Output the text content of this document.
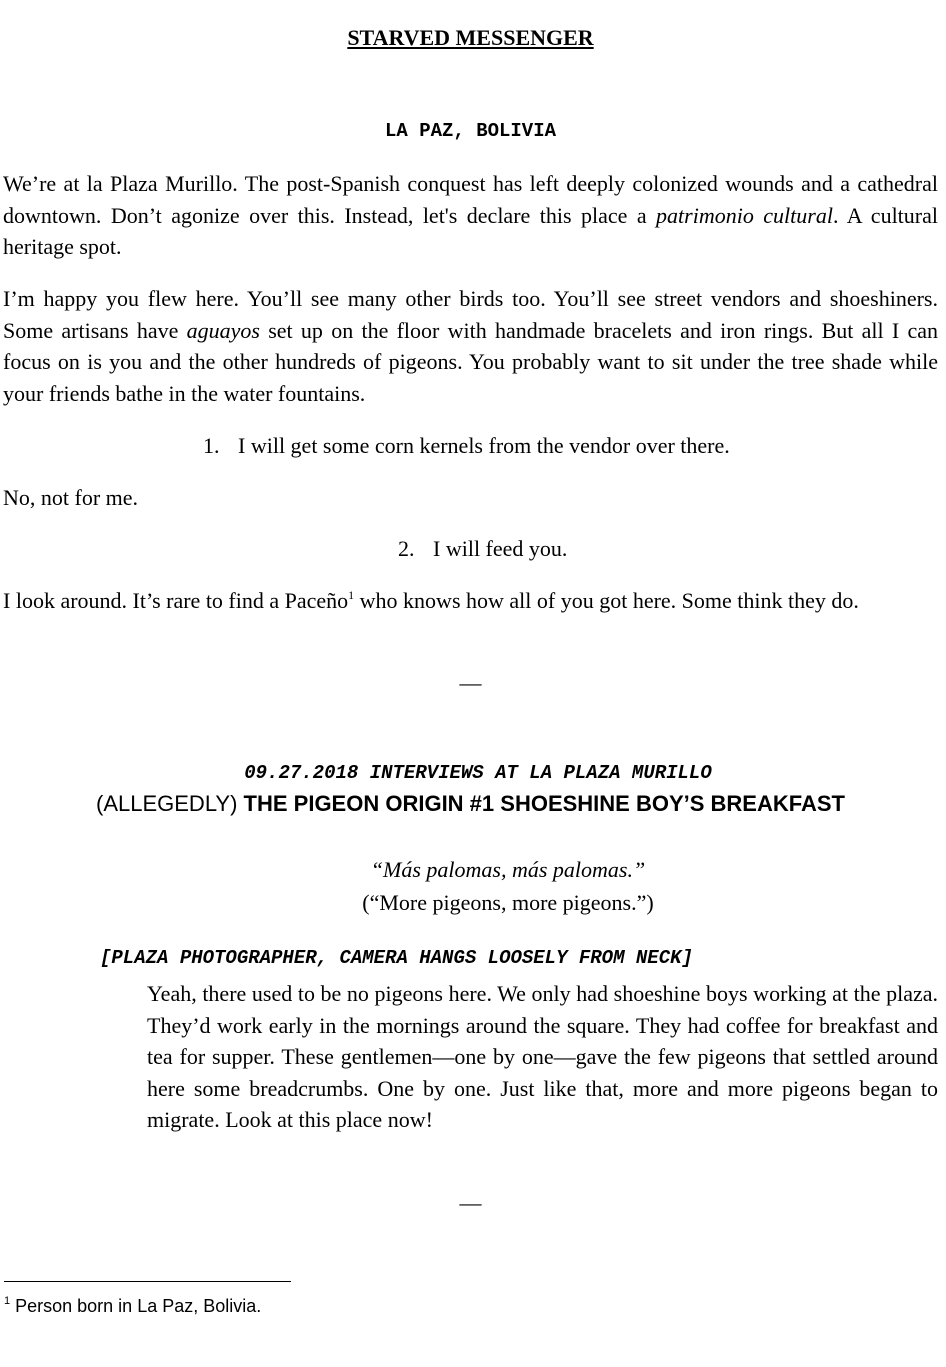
STARVED MESSENGER
LA PAZ, BOLIVIA
We’re at la Plaza Murillo. The post-Spanish conquest has left deeply colonized wounds and a cathedral downtown. Don’t agonize over this. Instead, let's declare this place a patrimonio cultural. A cultural heritage spot.
I’m happy you flew here. You’ll see many other birds too. You’ll see street vendors and shoeshiners. Some artisans have aguayos set up on the floor with handmade bracelets and iron rings. But all I can focus on is you and the other hundreds of pigeons. You probably want to sit under the tree shade while your friends bathe in the water fountains.
1. I will get some corn kernels from the vendor over there.
No, not for me.
2. I will feed you.
I look around. It’s rare to find a Paceño$^1$ who knows how all of you got here. Some think they do.
—
09.27.2018 INTERVIEWS AT LA PLAZA MURILLO
(ALLEGEDLY) THE PIGEON ORIGIN #1 SHOESHINE BOY’S BREAKFAST
“Más palomas, más palomas.”
(“More pigeons, more pigeons.”)
[PLAZA PHOTOGRAPHER, CAMERA HANGS LOOSELY FROM NECK]
Yeah, there used to be no pigeons here. We only had shoeshine boys working at the plaza. They’d work early in the mornings around the square. They had coffee for breakfast and tea for supper. These gentlemen—one by one—gave the few pigeons that settled around here some breadcrumbs. One by one. Just like that, more and more pigeons began to migrate. Look at this place now!
—
$^1$ Person born in La Paz, Bolivia.
